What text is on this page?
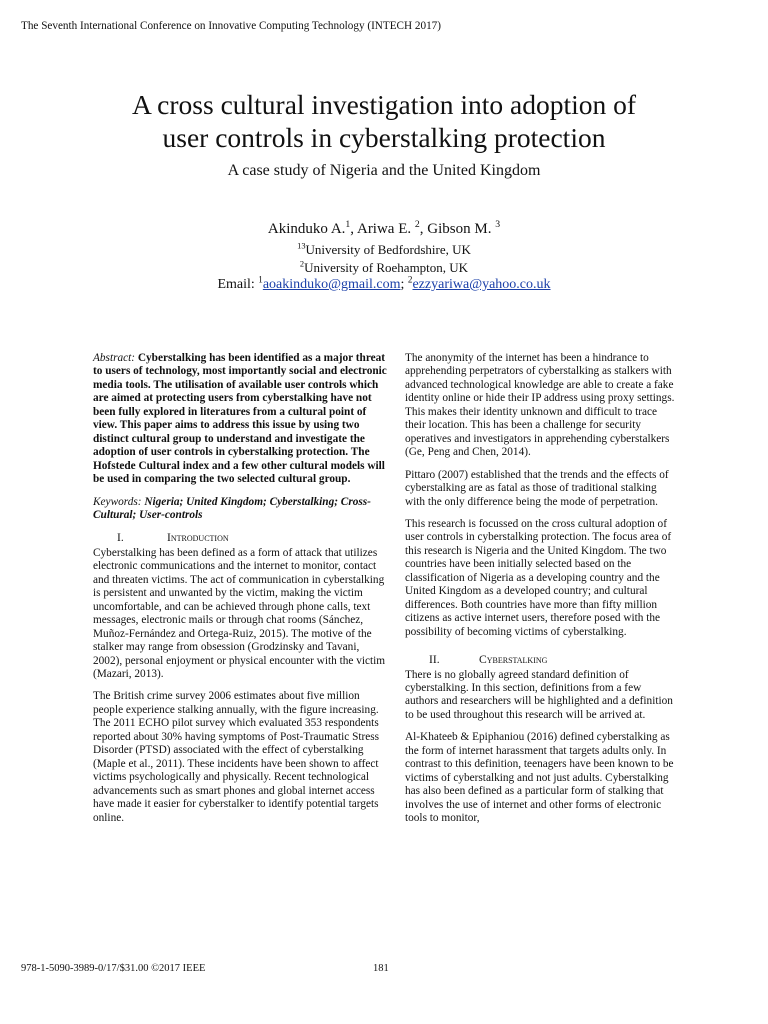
The Seventh International Conference on Innovative Computing Technology (INTECH 2017)
A cross cultural investigation into adoption of
user controls in cyberstalking protection
A case study of Nigeria and the United Kingdom
Akinduko A.$^1$, Ariwa E. $^2$, Gibson M. $^3$
$^{13}$University of Bedfordshire, UK
$^2$University of Roehampton, UK
Email: $^1$aoakinduko@gmail.com; $^2$ezzyariwa@yahoo.co.uk

Abstract: Cyberstalking has been identified as a major threat to users of technology, most importantly social and electronic media tools. The utilisation of available user controls which are aimed at protecting users from cyberstalking have not been fully explored in literatures from a cultural point of view. This paper aims to address this issue by using two distinct cultural group to understand and investigate the adoption of user controls in cyberstalking protection. The Hofstede Cultural index and a few other cultural models will be used in comparing the two selected cultural group.

Keywords: Nigeria; United Kingdom; Cyberstalking; Cross-Cultural; User-controls

I.	Introduction

Cyberstalking has been defined as a form of attack that utilizes electronic communications and the internet to monitor, contact and threaten victims. The act of communication in cyberstalking is persistent and unwanted by the victim, making the victim uncomfortable, and can be achieved through phone calls, text messages, electronic mails or through chat rooms (Sánchez, Muñoz-Fernández and Ortega-Ruiz, 2015). The motive of the stalker may range from obsession (Grodzinsky and Tavani, 2002), personal enjoyment or physical encounter with the victim (Mazari, 2013).

The British crime survey 2006 estimates about five million people experience stalking annually, with the figure increasing. The 2011 ECHO pilot survey which evaluated 353 respondents reported about 30% having symptoms of Post-Traumatic Stress Disorder (PTSD) associated with the effect of cyberstalking (Maple et al., 2011). These incidents have been shown to affect victims psychologically and physically. Recent technological advancements such as smart phones and global internet access have made it easier for cyberstalker to identify potential targets online.

The anonymity of the internet has been a hindrance to apprehending perpetrators of cyberstalking as stalkers with advanced technological knowledge are able to create a fake identity online or hide their IP address using proxy settings. This makes their identity unknown and difficult to trace their location. This has been a challenge for security operatives and investigators in apprehending cyberstalkers (Ge, Peng and Chen, 2014).

Pittaro (2007) established that the trends and the effects of cyberstalking are as fatal as those of traditional stalking with the only difference being the mode of perpetration.

This research is focussed on the cross cultural adoption of user controls in cyberstalking protection. The focus area of this research is Nigeria and the United Kingdom. The two countries have been initially selected based on the classification of Nigeria as a developing country and the United Kingdom as a developed country; and cultural differences. Both countries have more than fifty million citizens as active internet users, therefore posed with the possibility of becoming victims of cyberstalking.

II.	Cyberstalking

There is no globally agreed standard definition of cyberstalking. In this section, definitions from a few authors and researchers will be highlighted and a definition to be used throughout this research will be arrived at.

Al-Khateeb & Epiphaniou (2016) defined cyberstalking as the form of internet harassment that targets adults only. In contrast to this definition, teenagers have been known to be victims of cyberstalking and not just adults. Cyberstalking has also been defined as a particular form of stalking that involves the use of internet and other forms of electronic tools to monitor,

978-1-5090-3989-0/17/$31.00 ©2017 IEEE	181
